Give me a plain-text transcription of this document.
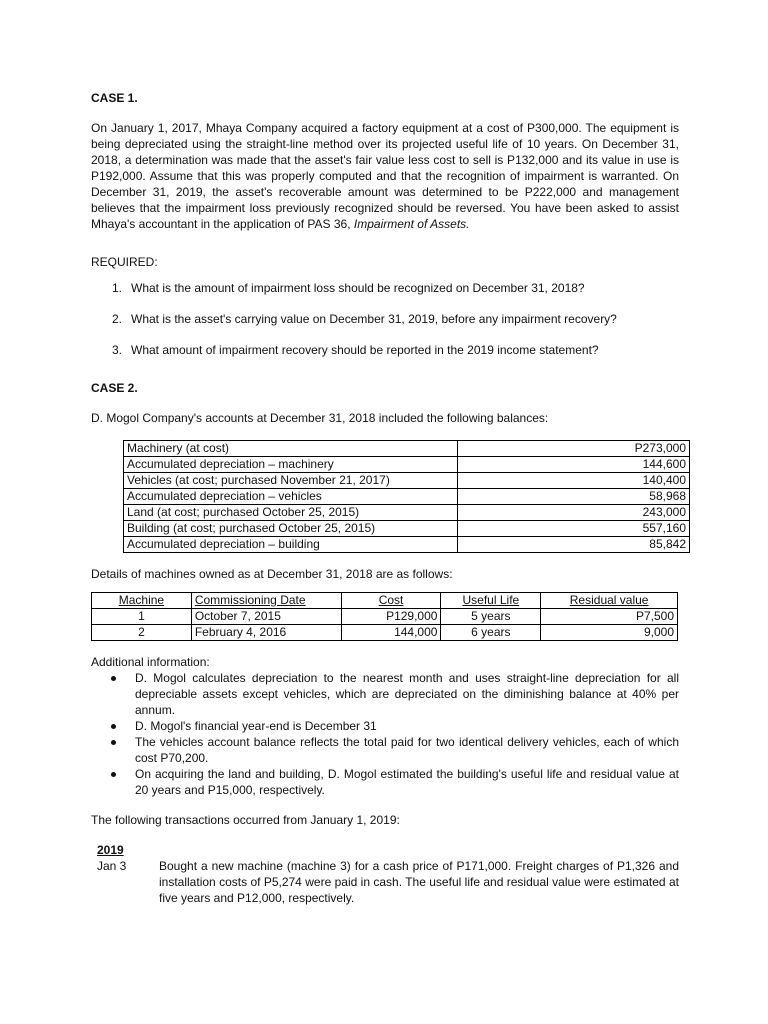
CASE 1.

On January 1, 2017, Mhaya Company acquired a factory equipment at a cost of P300,000. The equipment is being depreciated using the straight-line method over its projected useful life of 10 years. On December 31, 2018, a determination was made that the asset's fair value less cost to sell is P132,000 and its value in use is P192,000. Assume that this was properly computed and that the recognition of impairment is warranted. On December 31, 2019, the asset's recoverable amount was determined to be P222,000 and management believes that the impairment loss previously recognized should be reversed. You have been asked to assist Mhaya's accountant in the application of PAS 36, Impairment of Assets.

REQUIRED:

1. What is the amount of impairment loss should be recognized on December 31, 2018?
2. What is the asset's carrying value on December 31, 2019, before any impairment recovery?
3. What amount of impairment recovery should be reported in the 2019 income statement?

CASE 2.

D. Mogol Company's accounts at December 31, 2018 included the following balances:

Machinery (at cost)	P273,000
Accumulated depreciation – machinery	144,600
Vehicles (at cost; purchased November 21, 2017)	140,400
Accumulated depreciation – vehicles	58,968
Land (at cost; purchased October 25, 2015)	243,000
Building (at cost; purchased October 25, 2015)	557,160
Accumulated depreciation – building	85,842

Details of machines owned as at December 31, 2018 are as follows:

Machine	Commissioning Date	Cost	Useful Life	Residual value
1	October 7, 2015	P129,000	5 years	P7,500
2	February 4, 2016	144,000	6 years	9,000

Additional information:

D. Mogol calculates depreciation to the nearest month and uses straight-line depreciation for all depreciable assets except vehicles, which are depreciated on the diminishing balance at 40% per annum.
D. Mogol's financial year-end is December 31
The vehicles account balance reflects the total paid for two identical delivery vehicles, each of which cost P70,200.
On acquiring the land and building, D. Mogol estimated the building's useful life and residual value at 20 years and P15,000, respectively.

The following transactions occurred from January 1, 2019:

2019
Jan 3	Bought a new machine (machine 3) for a cash price of P171,000. Freight charges of P1,326 and installation costs of P5,274 were paid in cash. The useful life and residual value were estimated at five years and P12,000, respectively.
